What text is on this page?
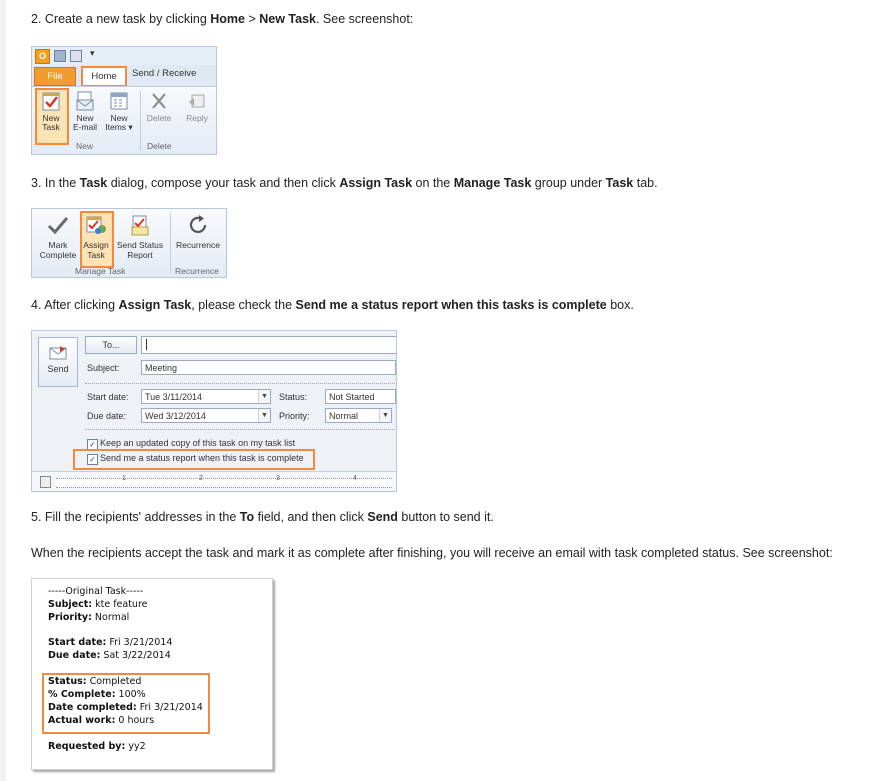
2. Create a new task by clicking Home > New Task. See screenshot:
O	▾
File	Home	Send / Receive
New
Task
New
E-mail
New
Items ▾
Delete	Reply
New	Delete
3. In the Task dialog, compose your task and then click Assign Task on the Manage Task group under Task tab.
Mark
Complete
Assign
Task
Send Status
Report
Recurrence
Manage Task	Recurrence
4. After clicking Assign Task, please check the Send me a status report when this tasks is complete box.
Send
To...
Subject:	Meeting
Start date:	Tue 3/11/2014	▼ Status:	Not Started
Due date:	Wed 3/12/2014	▼ Priority:	Normal	▼
✓ Keep an updated copy of this task on my task list
✓ Send me a status report when this task is complete
1	2	3	4
5. Fill the recipients' addresses in the To field, and then click Send button to send it.
When the recipients accept the task and mark it as complete after finishing, you will receive an email with task completed status. See screenshot:
-----Original Task-----
Subject: kte feature
Priority: Normal
Start date: Fri 3/21/2014
Due date: Sat 3/22/2014
Status: Completed
% Complete: 100%
Date completed: Fri 3/21/2014
Actual work: 0 hours
Requested by: yy2
